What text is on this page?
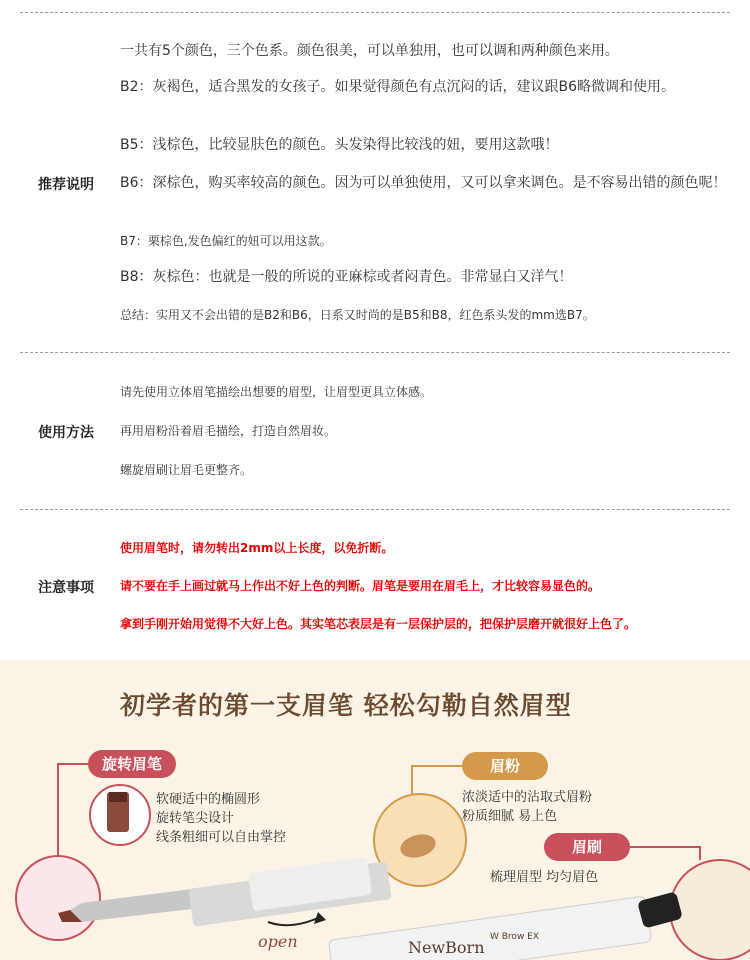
一共有5个颜色，三个色系。颜色很美，可以单独用，也可以调和两种颜色来用。
B2：灰褐色，适合黑发的女孩子。如果觉得颜色有点沉闷的话，建议跟B6略微调和使用。
B5：浅棕色，比较显肤色的颜色。头发染得比较浅的妞，要用这款哦！
推荐说明 B6：深棕色，购买率较高的颜色。因为可以单独使用，又可以拿来调色。是不容易出错的颜色呢！
B7：栗棕色,发色偏红的妞可以用这款。
B8：灰棕色：也就是一般的所说的亚麻棕或者闷青色。非常显白又洋气！
总结：实用又不会出错的是B2和B6，日系又时尚的是B5和B8，红色系头发的mm选B7。
请先使用立体眉笔描绘出想要的眉型，让眉型更具立体感。
使用方法 再用眉粉沿着眉毛描绘，打造自然眉妆。
螺旋眉刷让眉毛更整齐。
使用眉笔时，请勿转出2mm以上长度，以免折断。
注意事项 请不要在手上画过就马上作出不好上色的判断。眉笔是要用在眉毛上，才比较容易显色的。
拿到手刚开始用觉得不大好上色。其实笔芯表层是有一层保护层的，把保护层磨开就很好上色了。
初学者的第一支眉笔 轻松勾勒自然眉型
旋转眉笔
软硬适中的椭圆形
旋转笔尖设计
线条粗细可以自由掌控
眉粉
浓淡适中的沾取式眉粉
粉质细腻 易上色
眉刷
梳理眉型 均匀眉色
NewBorn
W Brow EX
open
